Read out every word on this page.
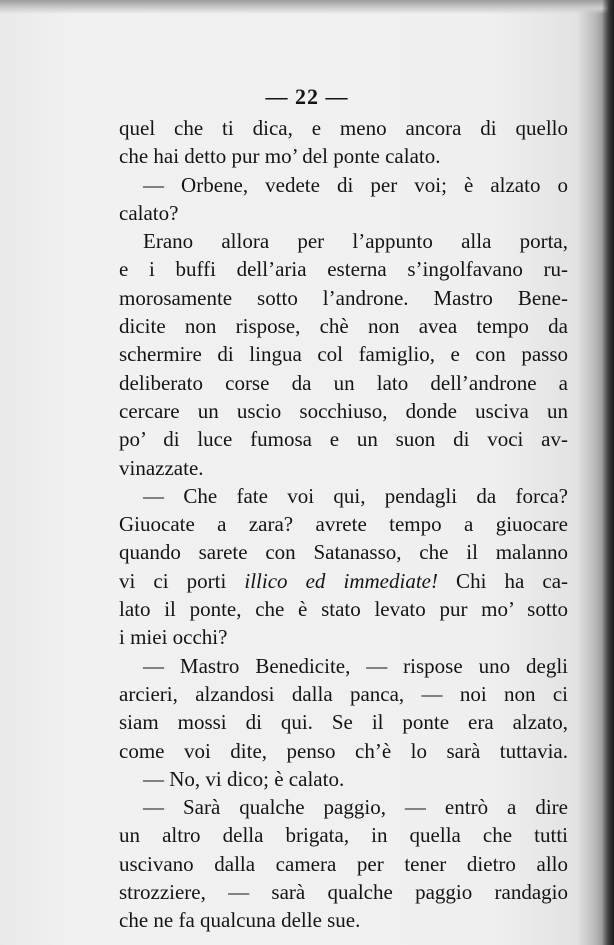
— 22 —
quel che ti dica, e meno ancora di quello
che hai detto pur mo’ del ponte calato.
— Orbene, vedete di per voi; è alzato o
calato?
Erano allora per l’appunto alla porta,
e i buffi dell’aria esterna s’ingolfavano ru-
morosamente sotto l’androne. Mastro Bene-
dicite non rispose, chè non avea tempo da
schermire di lingua col famiglio, e con passo
deliberato corse da un lato dell’androne a
cercare un uscio socchiuso, donde usciva un
po’ di luce fumosa e un suon di voci av-
vinazzate.
— Che fate voi qui, pendagli da forca?
Giuocate a zara? avrete tempo a giuocare
quando sarete con Satanasso, che il malanno
vi ci porti illico ed immediate! Chi ha ca-
lato il ponte, che è stato levato pur mo’ sotto
i miei occhi?
— Mastro Benedicite, — rispose uno degli
arcieri, alzandosi dalla panca, — noi non ci
siam mossi di qui. Se il ponte era alzato,
come voi dite, penso ch’è lo sarà tuttavia.
— No, vi dico; è calato.
— Sarà qualche paggio, — entrò a dire
un altro della brigata, in quella che tutti
uscivano dalla camera per tener dietro allo
strozziere, — sarà qualche paggio randagio
che ne fa qualcuna delle sue.
